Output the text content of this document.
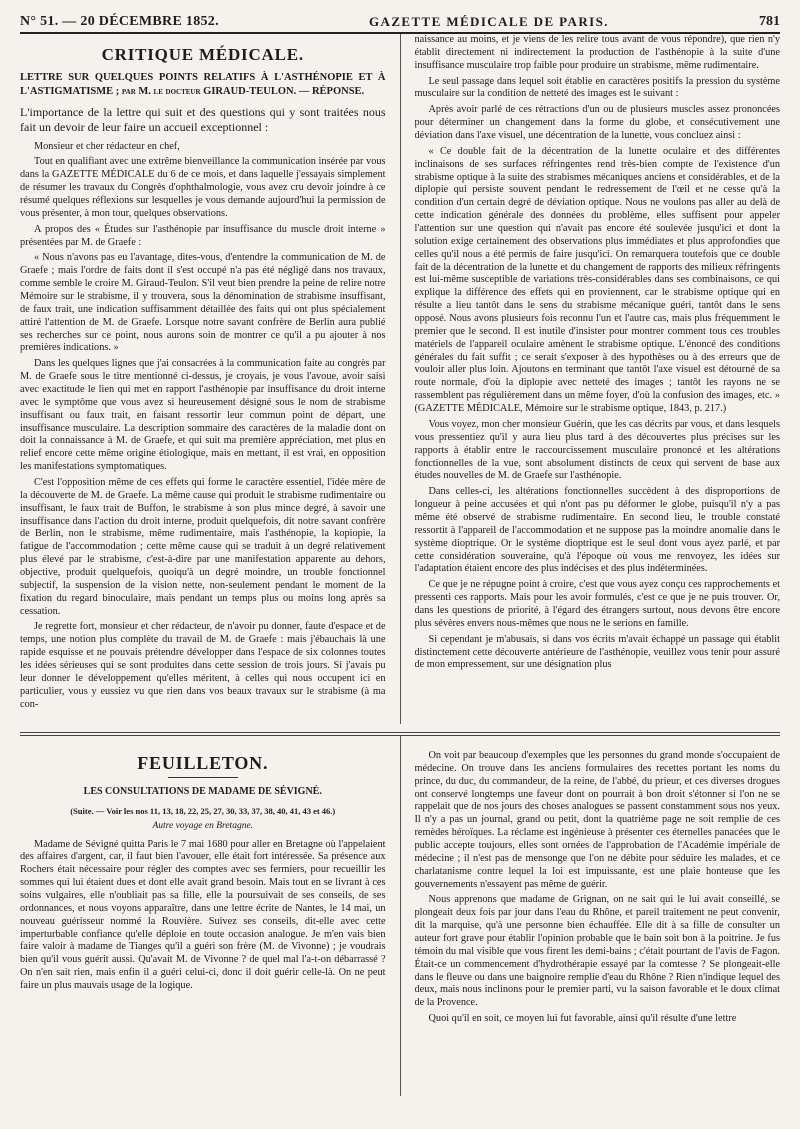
N° 51. — 20 DÉCEMBRE 1852.	GAZETTE MÉDICALE DE PARIS.	781
CRITIQUE MÉDICALE.
LETTRE SUR QUELQUES POINTS RELATIFS À L'ASTHÉNOPIE ET À L'ASTIGMATISME ; par M. le docteur GIRAUD-TEULON. — RÉPONSE.
L'importance de la lettre qui suit et des questions qui y sont traitées nous fait un devoir de leur faire un accueil exceptionnel :

Monsieur et cher rédacteur en chef,

Tout en qualifiant avec une extrême bienveillance la communication insérée par vous dans la GAZETTE MÉDICALE du 6 de ce mois, et dans laquelle j'essayais simplement de résumer les travaux du Congrès d'ophthalmologie, vous avez cru devoir joindre à ce résumé quelques réflexions sur lesquelles je vous demande aujourd'hui la permission de vous présenter, à mon tour, quelques observations.

A propos des « Études sur l'asthénopie par insuffisance du muscle droit interne » présentées par M. de Graefe :

« Nous n'avons pas eu l'avantage, dites-vous, d'entendre la communication de M. de Graefe ; mais l'ordre de faits dont il s'est occupé n'a pas été négligé dans nos travaux, comme semble le croire M. Giraud-Teulon. S'il veut bien prendre la peine de relire notre Mémoire sur le strabisme, il y trouvera, sous la dénomination de strabisme insuffisant, de faux trait, une indication suffisamment détaillée des faits qui ont plus spécialement attiré l'attention de M. de Graefe. Lorsque notre savant confrère de Berlin aura publié ses recherches sur ce point, nous aurons soin de montrer ce qu'il a pu ajouter à nos premières indications. »

Dans les quelques lignes que j'ai consacrées à la communication faite au congrès par M. de Graefe sous le titre mentionné ci-dessus, je croyais, je vous l'avoue, avoir saisi avec exactitude le lien qui met en rapport l'asthénopie par insuffisance du droit interne avec le symptôme que vous avez si heureusement désigné sous le nom de strabisme insuffisant ou faux trait, en faisant ressortir leur commun point de départ, une insuffisance musculaire. La description sommaire des caractères de la maladie dont on doit la connaissance à M. de Graefe, et qui suit ma première appréciation, met plus en relief encore cette même origine étiologique, mais en mettant, il est vrai, en opposition les manifestations symptomatiques.

C'est l'opposition même de ces effets qui forme le caractère essentiel, l'idée mère de la découverte de M. de Graefe. La même cause qui produit le strabisme rudimentaire ou insuffisant, le faux trait de Buffon, le strabisme à son plus mince degré, à savoir une insuffisance dans l'action du droit interne, produit quelquefois, dit notre savant confrère de Berlin, non le strabisme, même rudimentaire, mais l'asthénopie, la kopiopie, la fatigue de l'accommodation ; cette même cause qui se traduit à un degré relativement plus élevé par le strabisme, c'est-à-dire par une manifestation apparente au dehors, objective, produit quelquefois, quoiqu'à un degré moindre, un trouble fonctionnel subjectif, la suspension de la vision nette, non-seulement pendant le moment de la fixation du regard binoculaire, mais pendant un temps plus ou moins long après sa cessation.

Je regrette fort, monsieur et cher rédacteur, de n'avoir pu donner, faute d'espace et de temps, une notion plus complète du travail de M. de Graefe : mais j'ébauchais là une rapide esquisse et ne pouvais prétendre développer dans l'espace de six colonnes toutes les idées sérieuses qui se sont produites dans cette session de trois jours. Si j'avais pu leur donner le développement qu'elles méritent, à celles qui nous occupent ici en particulier, vous y eussiez vu que rien dans vos beaux travaux sur le strabisme (à ma con-

naissance au moins, et je viens de les relire tous avant de vous répondre), que rien n'y établit directement ni indirectement la production de l'asthénopie à la suite d'une insuffisance musculaire trop faible pour produire un strabisme, même rudimentaire.

Le seul passage dans lequel soit établie en caractères positifs la pression du système musculaire sur la condition de netteté des images est le suivant :

Après avoir parlé de ces rétractions d'un ou de plusieurs muscles assez prononcées pour déterminer un changement dans la forme du globe, et consécutivement une déviation dans l'axe visuel, une décentration de la lunette, vous concluez ainsi :

« Ce double fait de la décentration de la lunette oculaire et des différentes inclinaisons de ses surfaces réfringentes rend très-bien compte de l'existence d'un strabisme optique à la suite des strabismes mécaniques anciens et considérables, et de la diplopie qui persiste souvent pendant le redressement de l'œil et ne cesse qu'à la condition d'un certain degré de déviation optique. Nous ne voulons pas aller au delà de cette indication générale des données du problème, elles suffisent pour appeler l'attention sur une question qui n'avait pas encore été soulevée jusqu'ici et dont la solution exige certainement des observations plus immédiates et plus approfondies que celles qu'il nous a été permis de faire jusqu'ici. On remarquera toutefois que ce double fait de la décentration de la lunette et du changement de rapports des milieux réfringents est lui-même susceptible de variations très-considérables dans ses combinaisons, ce qui explique la différence des effets qui en proviennent, car le strabisme optique qui en résulte a lieu tantôt dans le sens du strabisme mécanique guéri, tantôt dans le sens opposé. Nous avons plusieurs fois reconnu l'un et l'autre cas, mais plus fréquemment le premier que le second. Il est inutile d'insister pour montrer comment tous ces troubles matériels de l'appareil oculaire amènent le strabisme optique. L'énoncé des conditions générales du fait suffit ; ce serait s'exposer à des hypothèses ou à des erreurs que de vouloir aller plus loin. Ajoutons en terminant que tantôt l'axe visuel est détourné de sa route normale, d'où la diplopie avec netteté des images ; tantôt les rayons ne se rassemblent pas régulièrement dans un même foyer, d'où la confusion des images, etc. » (GAZETTE MÉDICALE, Mémoire sur le strabisme optique, 1843, p. 217.)

Vous voyez, mon cher monsieur Guérin, que les cas décrits par vous, et dans lesquels vous pressentiez qu'il y aura lieu plus tard à des découvertes plus précises sur les rapports à établir entre le raccourcissement musculaire prononcé et les altérations fonctionnelles de la vue, sont absolument distincts de ceux qui servent de base aux études nouvelles de M. de Graefe sur l'asthénopie.

Dans celles-ci, les altérations fonctionnelles succèdent à des disproportions de longueur à peine accusées et qui n'ont pas pu déformer le globe, puisqu'il n'y a pas même été observé de strabisme rudimentaire. En second lieu, le trouble constaté ressortit à l'appareil de l'accommodation et ne suppose pas la moindre anomalie dans le système dioptrique. Or le système dioptrique est le seul dont vous ayez parlé, et par cette considération souveraine, qu'à l'époque où vous me renvoyez, les idées sur l'adaptation étaient encore des plus indécises et des plus indéterminées.

Ce que je ne répugne point à croire, c'est que vous ayez conçu ces rapprochements et pressenti ces rapports. Mais pour les avoir formulés, c'est ce que je ne puis trouver. Or, dans les questions de priorité, à l'égard des étrangers surtout, nous devons être encore plus sévères envers nous-mêmes que nous ne le serions en famille.

Si cependant je m'abusais, si dans vos écrits m'avait échappé un passage qui établit distinctement cette découverte antérieure de l'asthénopie, veuillez vous tenir pour assuré de mon empressement, sur une désignation plus

FEUILLETON.
LES CONSULTATIONS DE MADAME DE SÉVIGNÉ.
(Suite. — Voir les nos 11, 13, 18, 22, 25, 27, 30, 33, 37, 38, 40, 41, 43 et 46.)
Autre voyage en Bretagne.

Madame de Sévigné quitta Paris le 7 mai 1680 pour aller en Bretagne où l'appelaient des affaires d'argent, car, il faut bien l'avouer, elle était fort intéressée. Sa présence aux Rochers était nécessaire pour régler des comptes avec ses fermiers, pour recueillir les sommes qui lui étaient dues et dont elle avait grand besoin. Mais tout en se livrant à ces soins vulgaires, elle n'oubliait pas sa fille, elle la poursuivait de ses conseils, de ses ordonnances, et nous voyons apparaître, dans une lettre écrite de Nantes, le 14 mai, un nouveau guérisseur nommé la Rouvière. Suivez ses conseils, dit-elle avec cette imperturbable confiance qu'elle déploie en toute occasion analogue. Je m'en vais bien faire valoir à madame de Tianges qu'il a guéri son frère (M. de Vivonne) ; je voudrais bien qu'il vous guérit aussi. Qu'avait M. de Vivonne ? de quel mal l'a-t-on débarrassé ? On n'en sait rien, mais enfin il a guéri celui-ci, donc il doit guérir celle-là. On ne peut faire un plus mauvais usage de la logique.

On voit par beaucoup d'exemples que les personnes du grand monde s'occupaient de médecine. On trouve dans les anciens formulaires des recettes portant les noms du prince, du duc, du commandeur, de la reine, de l'abbé, du prieur, et ces diverses drogues ont conservé longtemps une faveur dont on pourrait à bon droit s'étonner si l'on ne se rappelait que de nos jours des choses analogues se passent constamment sous nos yeux. Il n'y a pas un journal, grand ou petit, dont la quatrième page ne soit remplie de ces remèdes héroïques. La réclame est ingénieuse à présenter ces éternelles panacées que le public accepte toujours, elles sont ornées de l'approbation de l'Académie impériale de médecine ; il n'est pas de mensonge que l'on ne débite pour séduire les malades, et ce charlatanisme contre lequel la loi est impuissante, est une plaie honteuse que les gouvernements n'essayent pas même de guérir.

Nous apprenons que madame de Grignan, on ne sait qui le lui avait conseillé, se plongeait deux fois par jour dans l'eau du Rhône, et pareil traitement ne peut convenir, dit la marquise, qu'à une personne bien échauffée. Elle dit à sa fille de consulter un auteur fort grave pour établir l'opinion probable que le bain soit bon à la poitrine. Je fus témoin du mal visible que vous firent les demi-bains ; c'était pourtant de l'avis de Fagon. Était-ce un commencement d'hydrothérapie essayé par la comtesse ? Se plongeait-elle dans le fleuve ou dans une baignoire remplie d'eau du Rhône ? Rien n'indique lequel des deux, mais nous inclinons pour le premier parti, vu la saison favorable et le doux climat de la Provence.

Quoi qu'il en soit, ce moyen lui fut favorable, ainsi qu'il résulte d'une lettre
